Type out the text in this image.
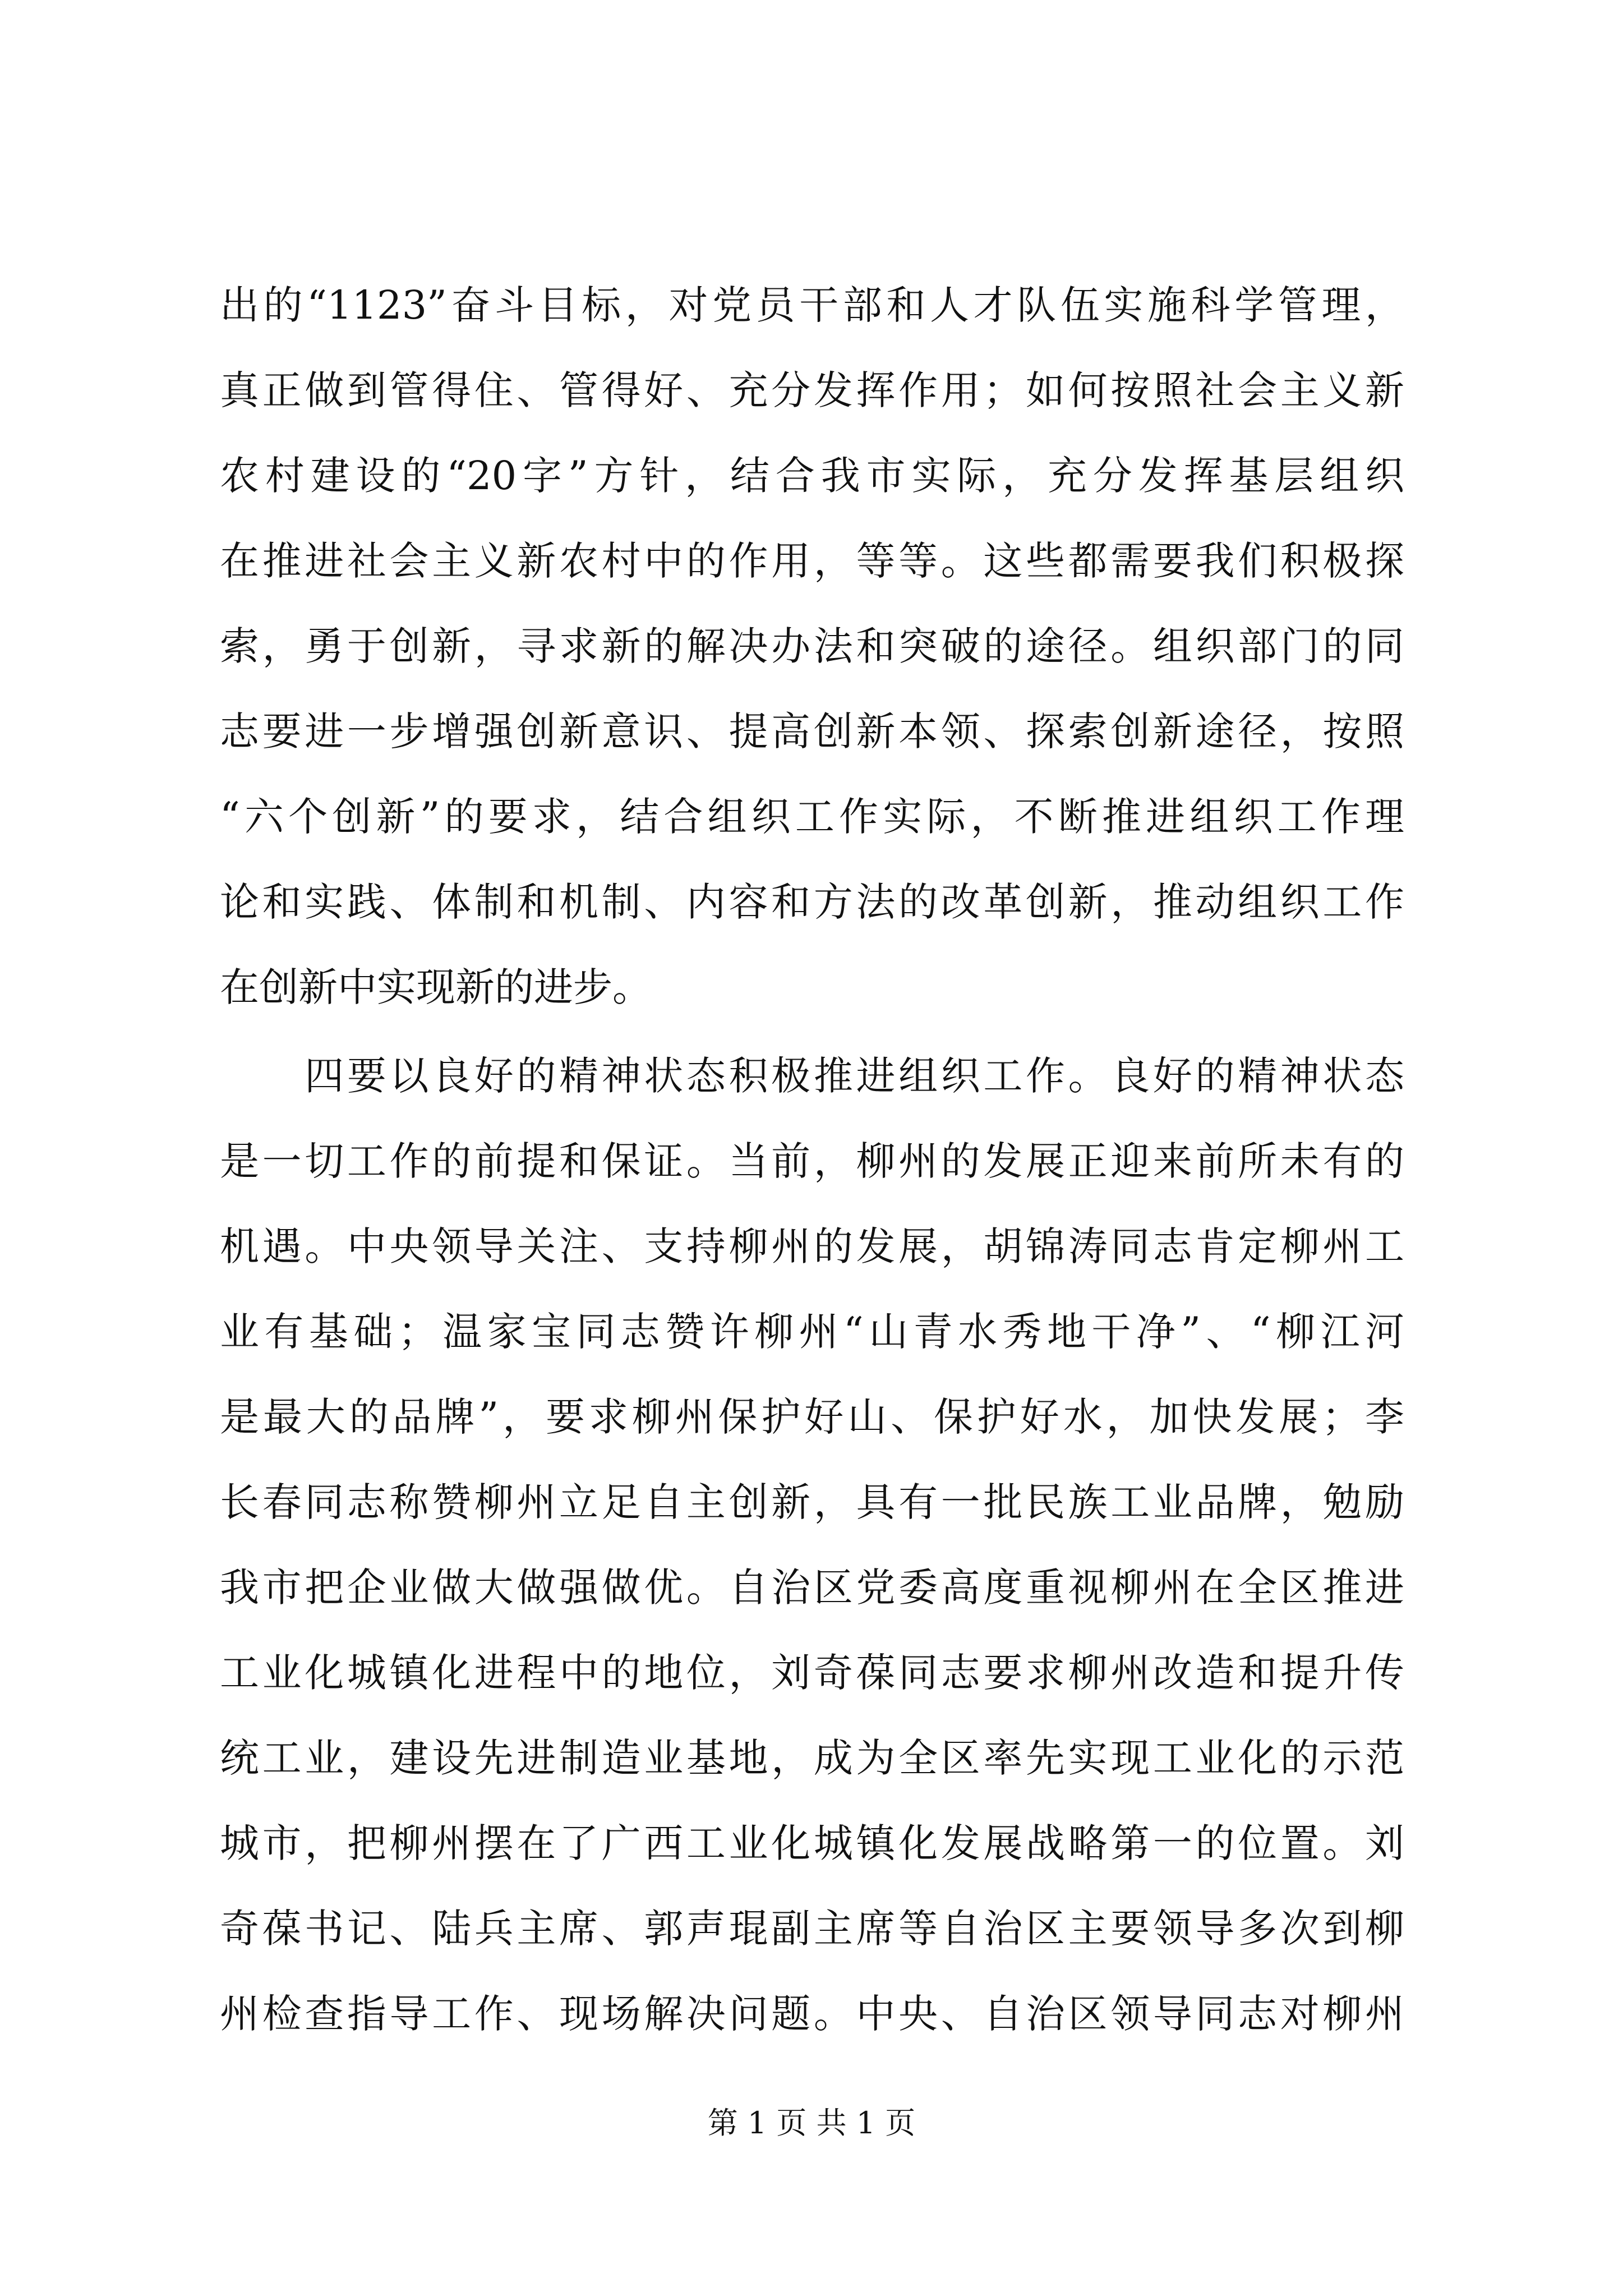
出的“1123”奋斗目标，对党员干部和人才队伍实施科学管理，
真正做到管得住、管得好、充分发挥作用；如何按照社会主义新
农村建设的“20字”方针，结合我市实际，充分发挥基层组织
在推进社会主义新农村中的作用，等等。这些都需要我们积极探
索，勇于创新，寻求新的解决办法和突破的途径。组织部门的同
志要进一步增强创新意识、提高创新本领、探索创新途径，按照
“六个创新”的要求，结合组织工作实际，不断推进组织工作理
论和实践、体制和机制、内容和方法的改革创新，推动组织工作
在创新中实现新的进步。
　　四要以良好的精神状态积极推进组织工作。良好的精神状态
是一切工作的前提和保证。当前，柳州的发展正迎来前所未有的
机遇。中央领导关注、支持柳州的发展，胡锦涛同志肯定柳州工
业有基础；温家宝同志赞许柳州“山青水秀地干净”、“柳江河
是最大的品牌”，要求柳州保护好山、保护好水，加快发展；李
长春同志称赞柳州立足自主创新，具有一批民族工业品牌，勉励
我市把企业做大做强做优。自治区党委高度重视柳州在全区推进
工业化城镇化进程中的地位，刘奇葆同志要求柳州改造和提升传
统工业，建设先进制造业基地，成为全区率先实现工业化的示范
城市，把柳州摆在了广西工业化城镇化发展战略第一的位置。刘
奇葆书记、陆兵主席、郭声琨副主席等自治区主要领导多次到柳
州检查指导工作、现场解决问题。中央、自治区领导同志对柳州
第 1 页 共 1 页
